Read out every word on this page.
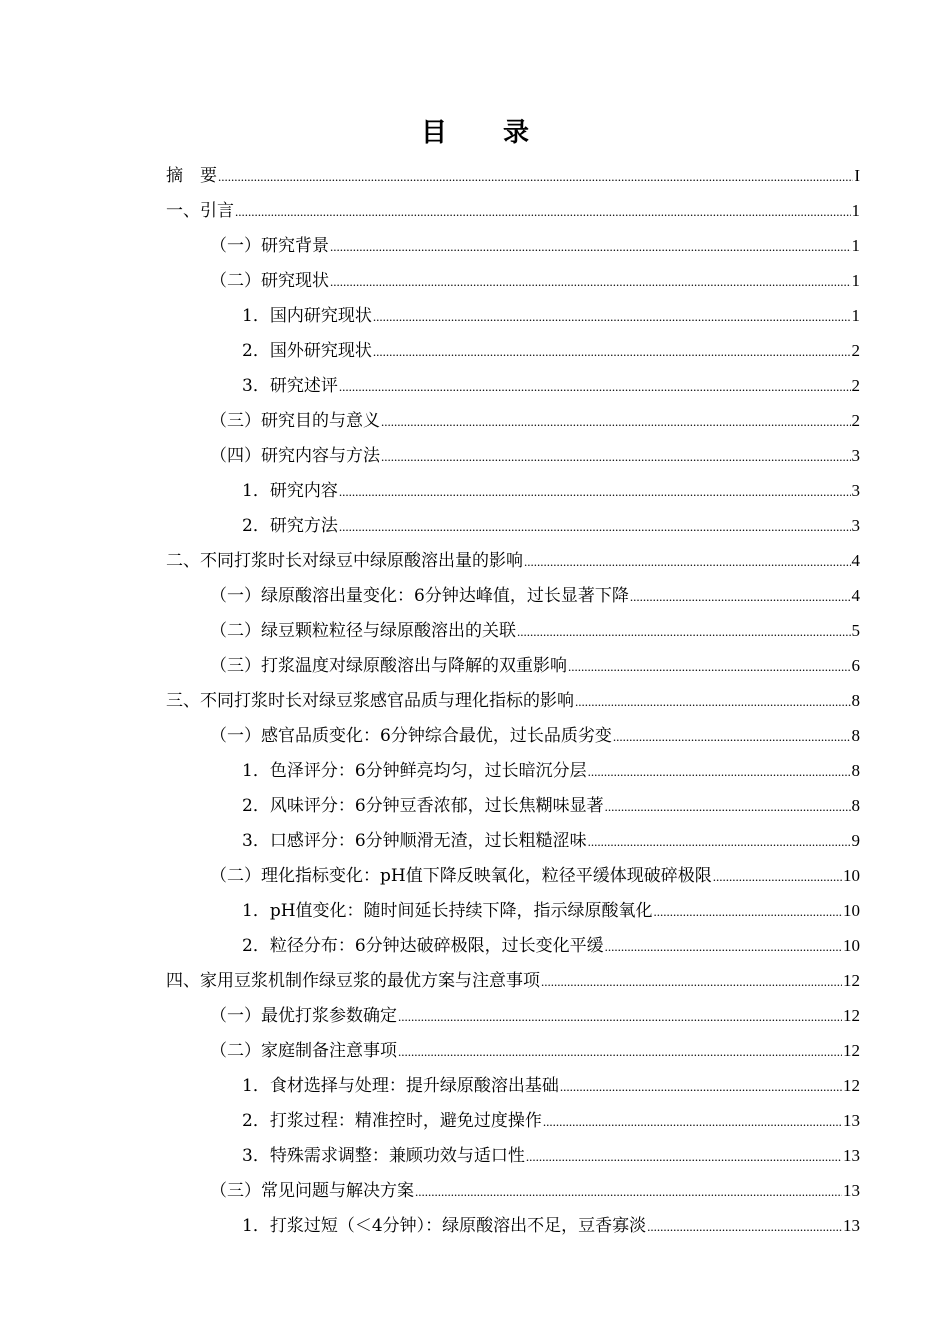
目 录
摘　要 .....	I
一、引言 .....	1
（一）研究背景 .....	1
（二）研究现状 .....	1
1．国内研究现状 .....	1
2．国外研究现状 .....	2
3．研究述评 .....	2
（三）研究目的与意义 .....	2
（四）研究内容与方法 .....	3
1．研究内容 .....	3
2．研究方法 .....	3
二、不同打浆时长对绿豆中绿原酸溶出量的影响 .....	4
（一）绿原酸溶出量变化：6分钟达峰值，过长显著下降 .....	4
（二）绿豆颗粒粒径与绿原酸溶出的关联 .....	5
（三）打浆温度对绿原酸溶出与降解的双重影响 .....	6
三、不同打浆时长对绿豆浆感官品质与理化指标的影响 .....	8
（一）感官品质变化：6分钟综合最优，过长品质劣变 .....	8
1．色泽评分：6分钟鲜亮均匀，过长暗沉分层 .....	8
2．风味评分：6分钟豆香浓郁，过长焦糊味显著 .....	8
3．口感评分：6分钟顺滑无渣，过长粗糙涩味 .....	9
（二）理化指标变化：pH值下降反映氧化，粒径平缓体现破碎极限 .....	10
1．pH值变化：随时间延长持续下降，指示绿原酸氧化 .....	10
2．粒径分布：6分钟达破碎极限，过长变化平缓 .....	10
四、家用豆浆机制作绿豆浆的最优方案与注意事项 .....	12
（一）最优打浆参数确定 .....	12
（二）家庭制备注意事项 .....	12
1．食材选择与处理：提升绿原酸溶出基础 .....	12
2．打浆过程：精准控时，避免过度操作 .....	13
3．特殊需求调整：兼顾功效与适口性 .....	13
（三）常见问题与解决方案 .....	13
1．打浆过短（＜4分钟）：绿原酸溶出不足，豆香寡淡 .....	13
